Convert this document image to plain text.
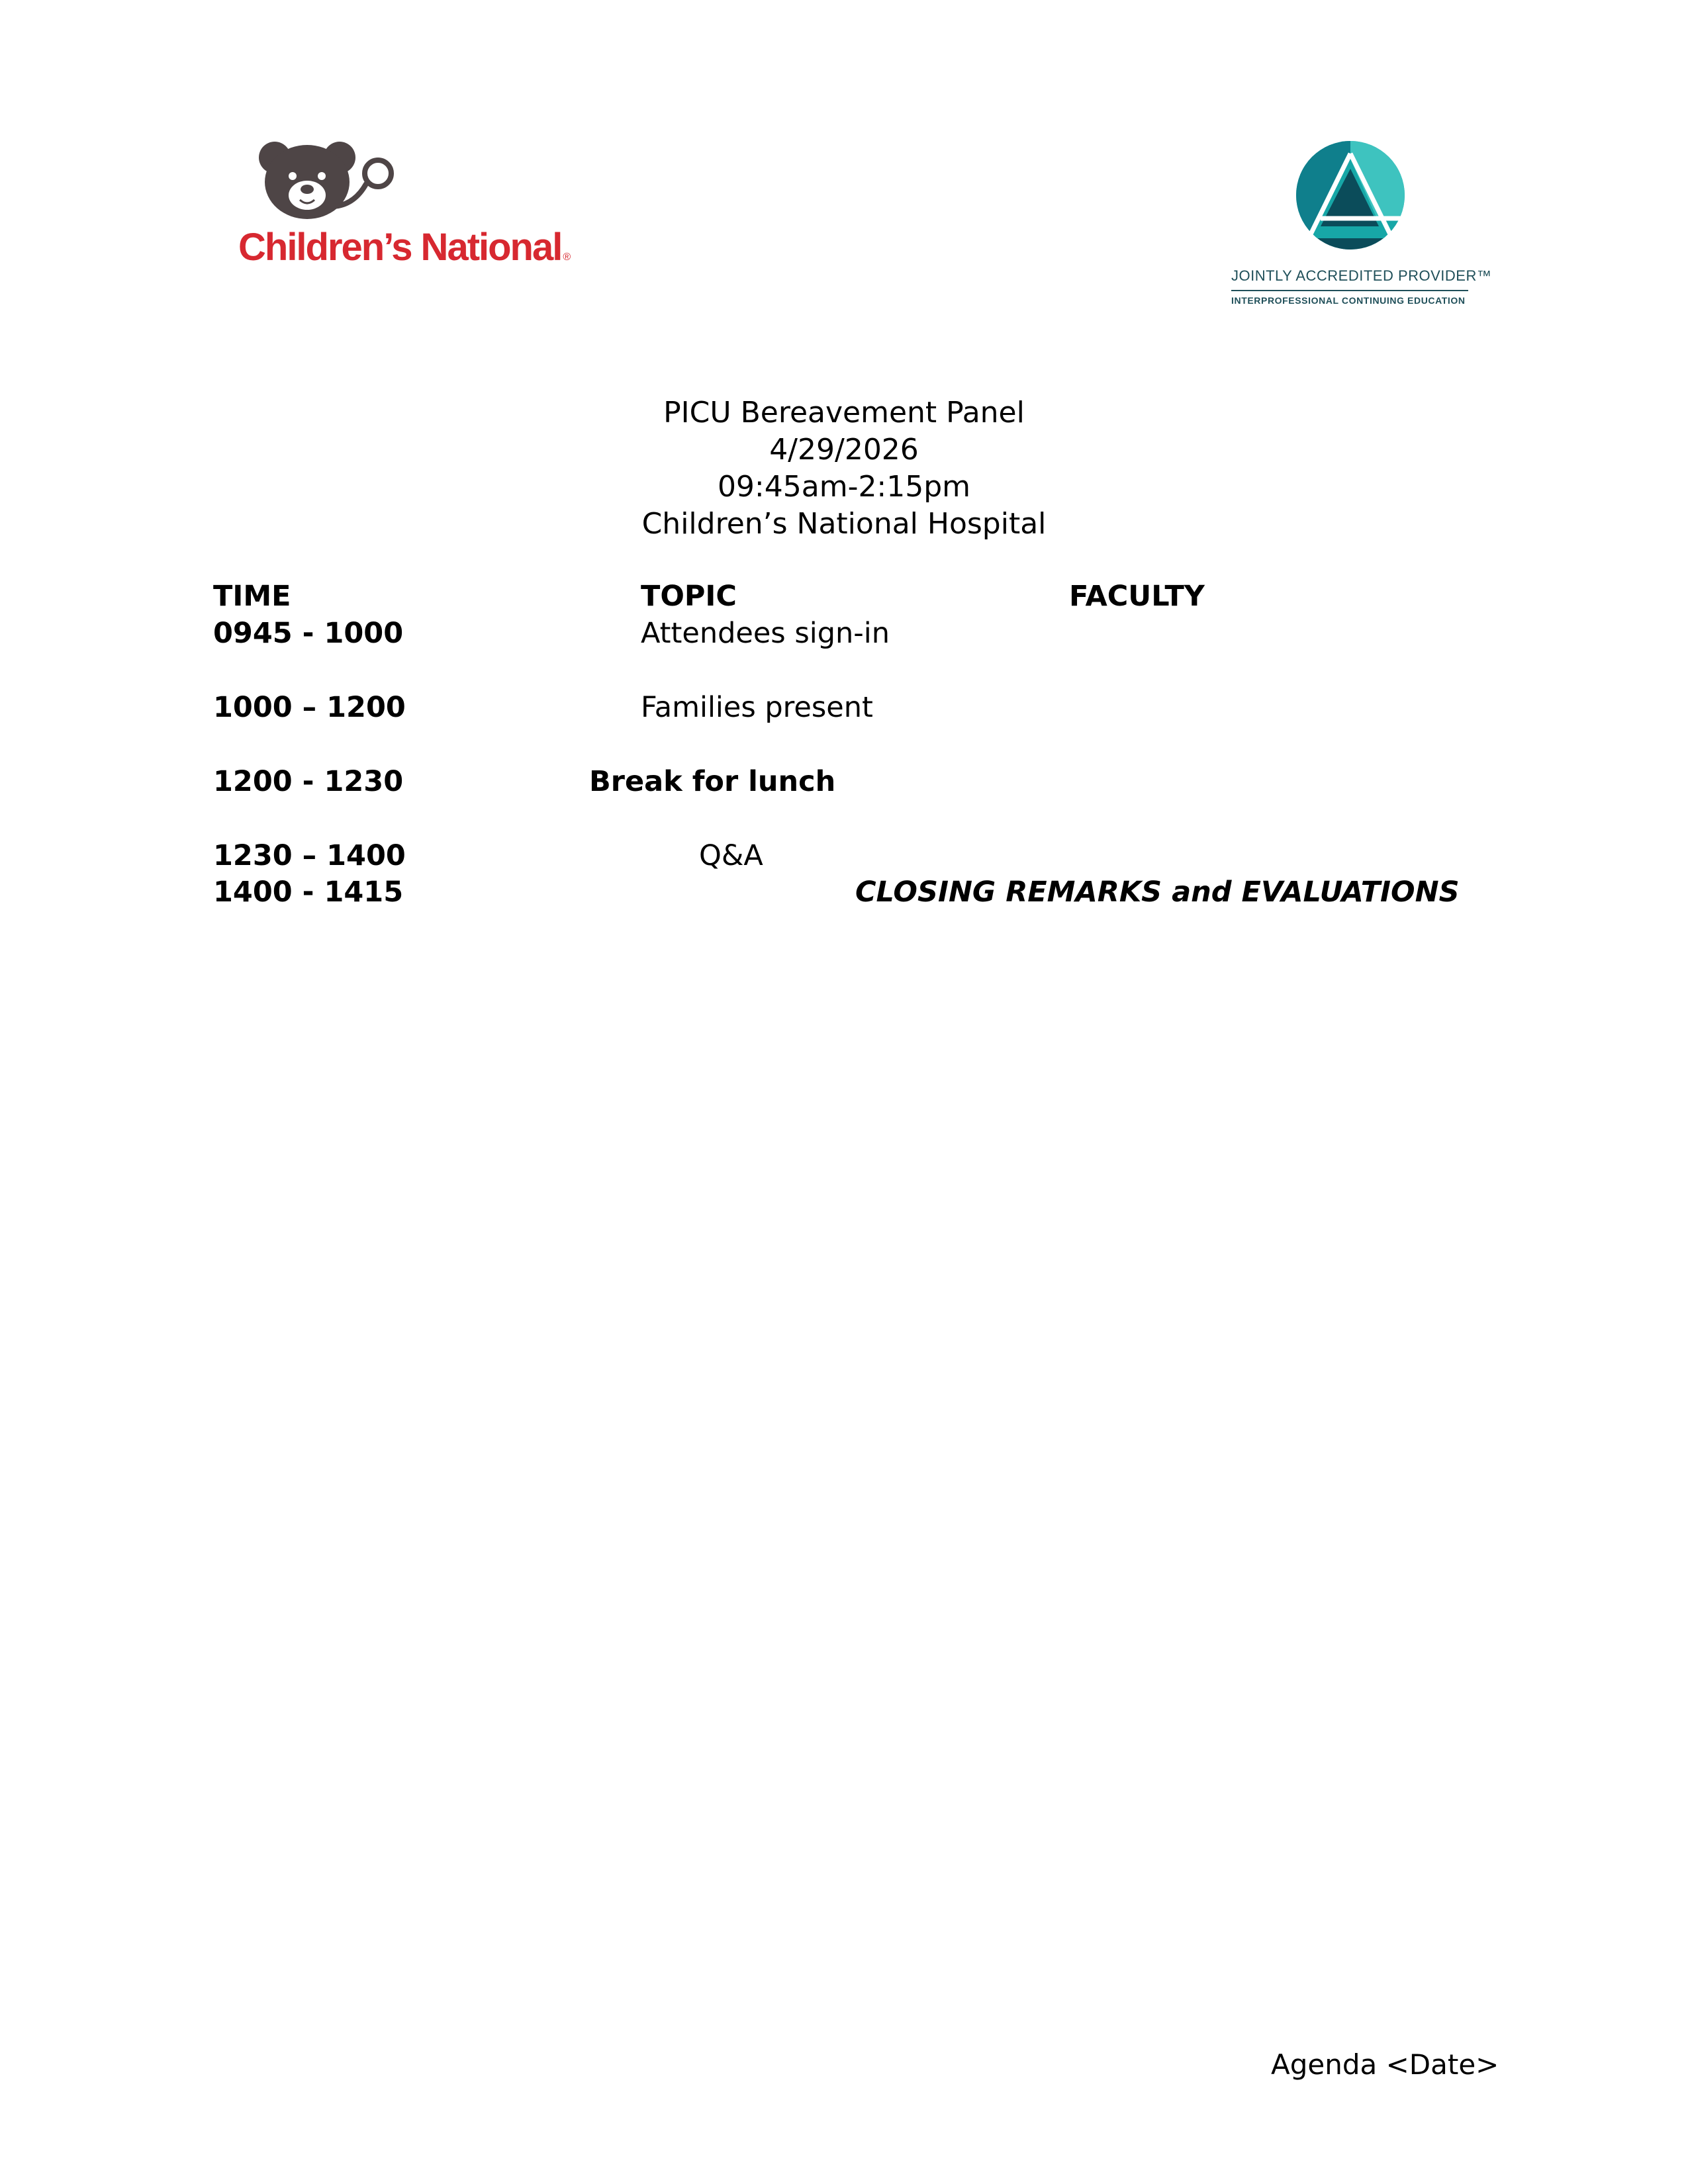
Children’s National ®
JOINTLY ACCREDITED PROVIDER™
INTERPROFESSIONAL CONTINUING EDUCATION
PICU Bereavement Panel
4/29/2026
09:45am-2:15pm
Children’s National Hospital
TIME	TOPIC	FACULTY
0945 - 1000	Attendees sign-in
1000 – 1200	Families present
1200 - 1230	Break for lunch
1230 – 1400	Q&A
1400 - 1415	CLOSING REMARKS and EVALUATIONS
Agenda <Date>
